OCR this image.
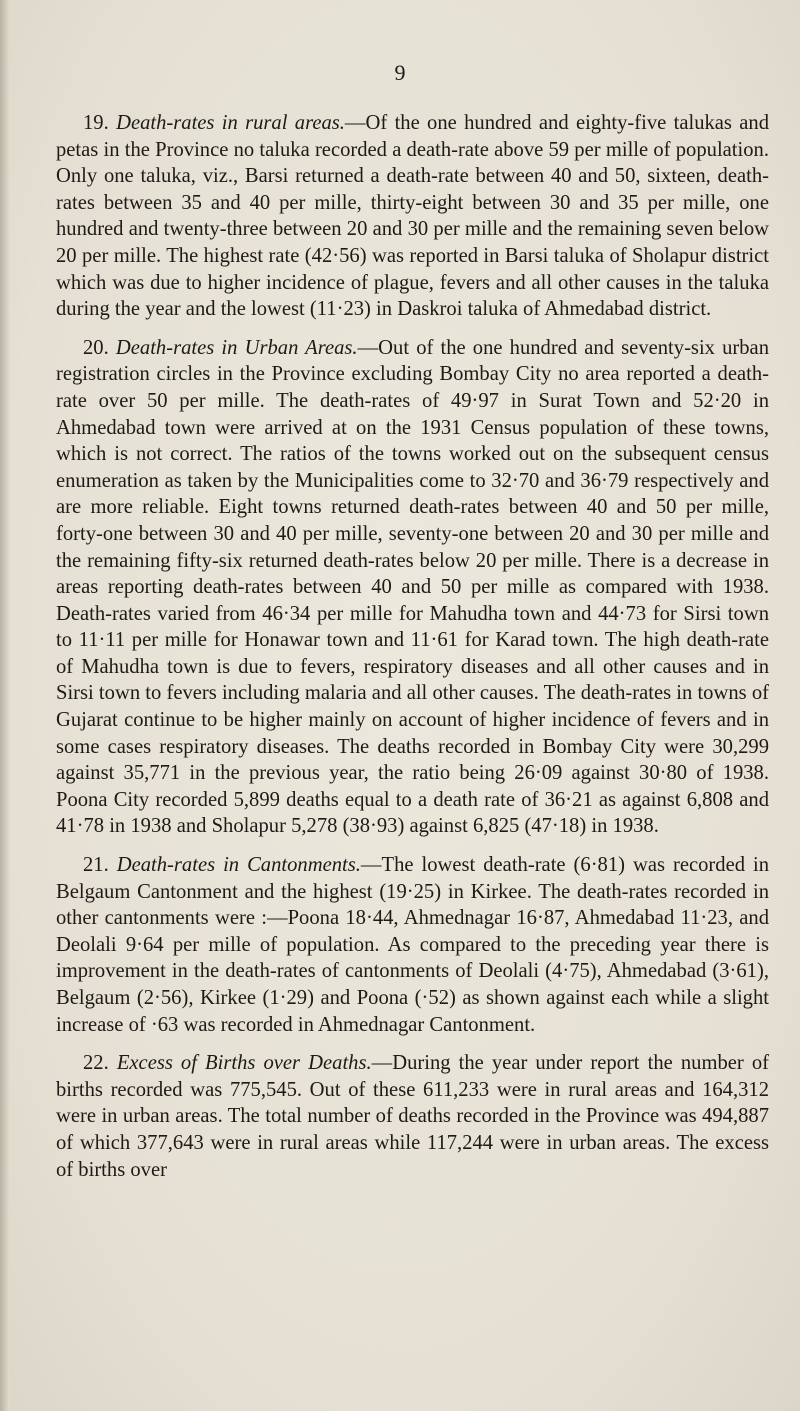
9

19. Death-rates in rural areas.—Of the one hundred and eighty-five talukas and petas in the Province no taluka recorded a death-rate above 59 per mille of population. Only one taluka, viz., Barsi returned a death-rate between 40 and 50, sixteen, death-rates between 35 and 40 per mille, thirty-eight between 30 and 35 per mille, one hundred and twenty-three between 20 and 30 per mille and the remaining seven below 20 per mille. The highest rate (42·56) was reported in Barsi taluka of Sholapur district which was due to higher incidence of plague, fevers and all other causes in the taluka during the year and the lowest (11·23) in Daskroi taluka of Ahmedabad district.

20. Death-rates in Urban Areas.—Out of the one hundred and seventy-six urban registration circles in the Province excluding Bombay City no area reported a death-rate over 50 per mille. The death-rates of 49·97 in Surat Town and 52·20 in Ahmedabad town were arrived at on the 1931 Census population of these towns, which is not correct. The ratios of the towns worked out on the subsequent census enumeration as taken by the Municipalities come to 32·70 and 36·79 respectively and are more reliable. Eight towns returned death-rates between 40 and 50 per mille, forty-one between 30 and 40 per mille, seventy-one between 20 and 30 per mille and the remaining fifty-six returned death-rates below 20 per mille. There is a decrease in areas reporting death-rates between 40 and 50 per mille as compared with 1938. Death-rates varied from 46·34 per mille for Mahudha town and 44·73 for Sirsi town to 11·11 per mille for Honawar town and 11·61 for Karad town. The high death-rate of Mahudha town is due to fevers, respiratory diseases and all other causes and in Sirsi town to fevers including malaria and all other causes. The death-rates in towns of Gujarat continue to be higher mainly on account of higher incidence of fevers and in some cases respiratory diseases. The deaths recorded in Bombay City were 30,299 against 35,771 in the previous year, the ratio being 26·09 against 30·80 of 1938. Poona City recorded 5,899 deaths equal to a death rate of 36·21 as against 6,808 and 41·78 in 1938 and Sholapur 5,278 (38·93) against 6,825 (47·18) in 1938.

21. Death-rates in Cantonments.—The lowest death-rate (6·81) was recorded in Belgaum Cantonment and the highest (19·25) in Kirkee. The death-rates recorded in other cantonments were :—Poona 18·44, Ahmednagar 16·87, Ahmedabad 11·23, and Deolali 9·64 per mille of population. As compared to the preceding year there is improvement in the death-rates of cantonments of Deolali (4·75), Ahmedabad (3·61), Belgaum (2·56), Kirkee (1·29) and Poona (·52) as shown against each while a slight increase of ·63 was recorded in Ahmednagar Cantonment.

22. Excess of Births over Deaths.—During the year under report the number of births recorded was 775,545. Out of these 611,233 were in rural areas and 164,312 were in urban areas. The total number of deaths recorded in the Province was 494,887 of which 377,643 were in rural areas while 117,244 were in urban areas. The excess of births over
